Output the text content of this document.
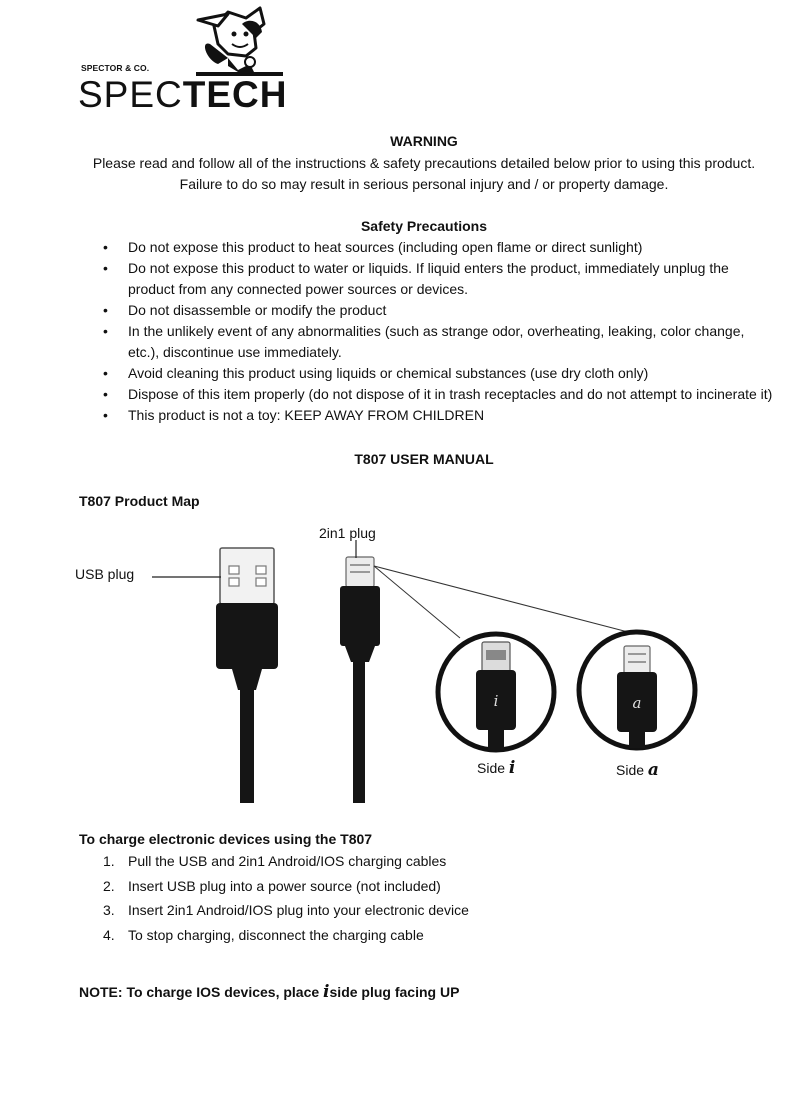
SPECTOR & CO.
SPECTECH
WARNING
Please read and follow all of the instructions & safety precautions detailed below prior to using this product. Failure to do so may result in serious personal injury and / or property damage.
Safety Precautions
• Do not expose this product to heat sources (including open flame or direct sunlight)
• Do not expose this product to water or liquids. If liquid enters the product, immediately unplug the product from any connected power sources or devices.
• Do not disassemble or modify the product
• In the unlikely event of any abnormalities (such as strange odor, overheating, leaking, color change, etc.), discontinue use immediately.
• Avoid cleaning this product using liquids or chemical substances (use dry cloth only)
• Dispose of this item properly (do not dispose of it in trash receptacles and do not attempt to incinerate it)
• This product is not a toy: KEEP AWAY FROM CHILDREN
T807 USER MANUAL
T807 Product Map
i	a
2in1 plug
USB plug
Side i	Side a
To charge electronic devices using the T807
1. Pull the USB and 2in1 Android/IOS charging cables
2. Insert USB plug into a power source (not included)
3. Insert 2in1 Android/IOS plug into your electronic device
4. To stop charging, disconnect the charging cable
NOTE: To charge IOS devices, place iside plug facing UP
